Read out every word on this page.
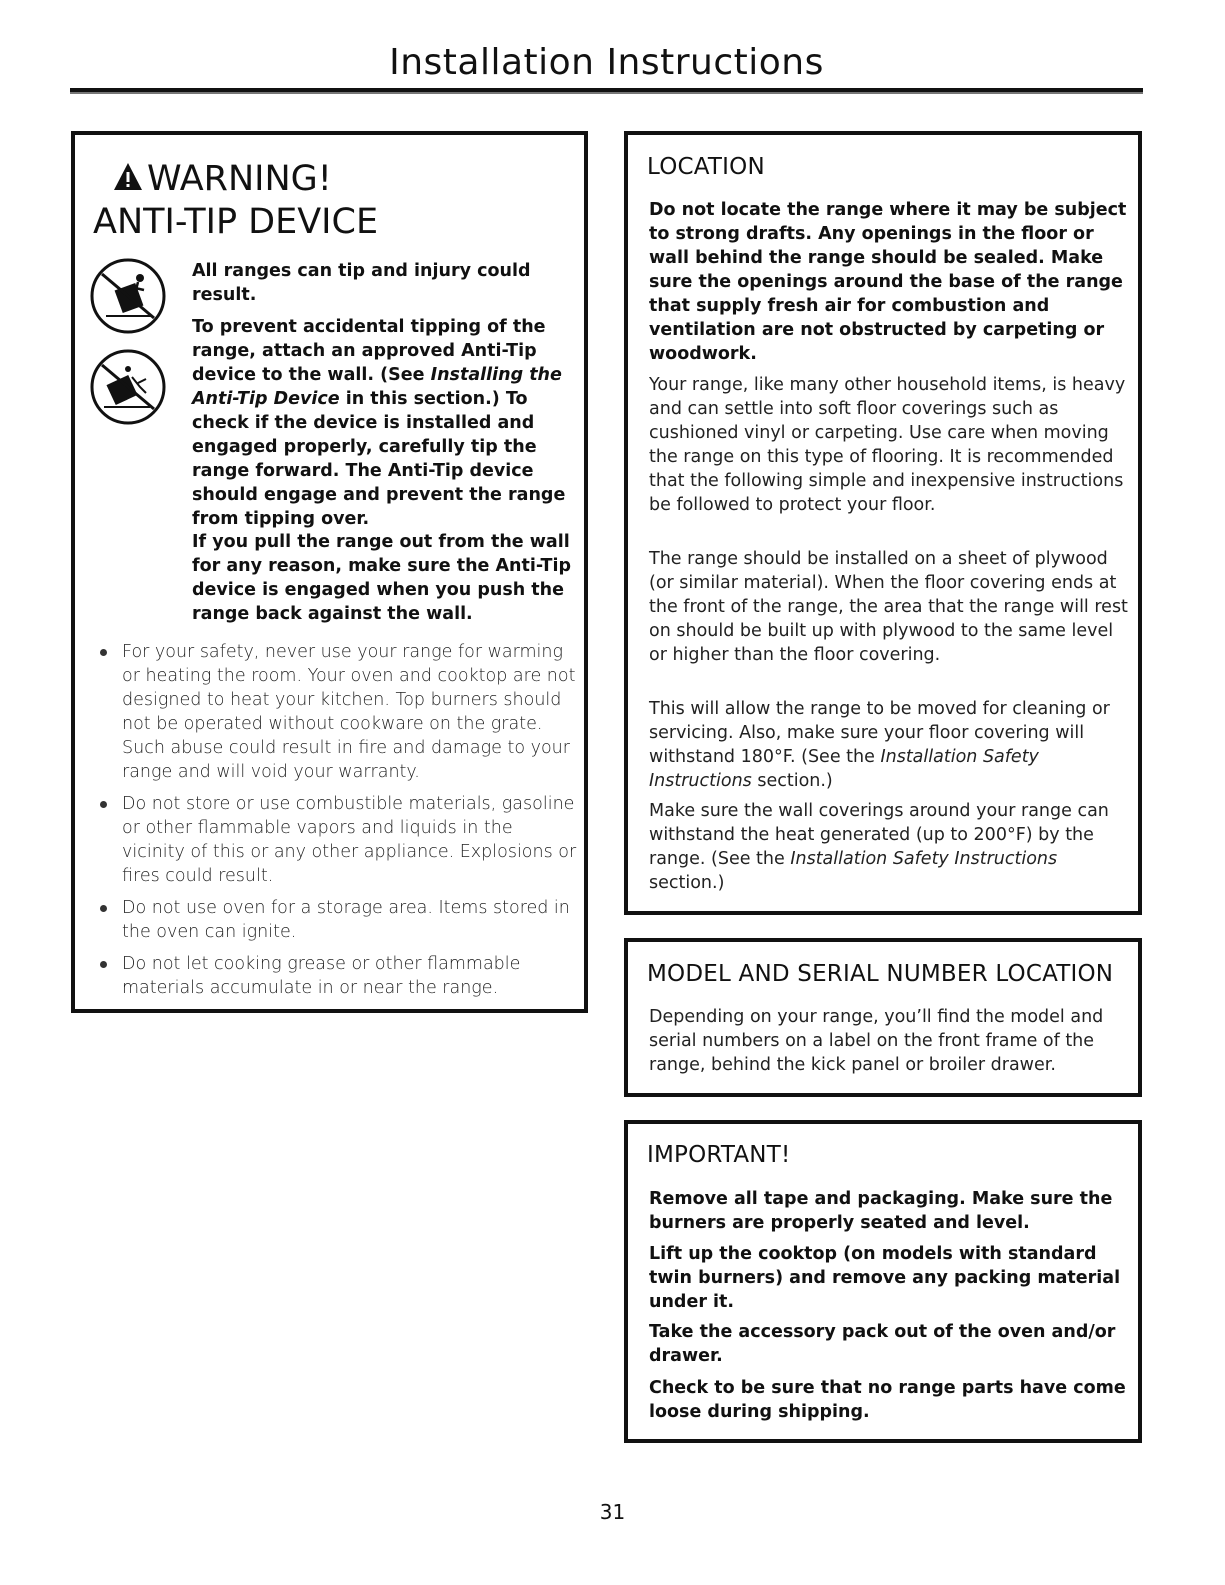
Installation Instructions
WARNING!
ANTI-TIP DEVICE
All ranges can tip and injury could result.
To prevent accidental tipping of the range, attach an approved Anti-Tip device to the wall. (See Installing the Anti-Tip Device in this section.) To check if the device is installed and engaged properly, carefully tip the range forward. The Anti-Tip device should engage and prevent the range from tipping over.
If you pull the range out from the wall for any reason, make sure the Anti-Tip device is engaged when you push the range back against the wall.
For your safety, never use your range for warming or heating the room. Your oven and cooktop are not designed to heat your kitchen. Top burners should not be operated without cookware on the grate. Such abuse could result in fire and damage to your range and will void your warranty.
Do not store or use combustible materials, gasoline or other flammable vapors and liquids in the vicinity of this or any other appliance. Explosions or fires could result.
Do not use oven for a storage area. Items stored in the oven can ignite.
Do not let cooking grease or other flammable materials accumulate in or near the range.
LOCATION
Do not locate the range where it may be subject to strong drafts. Any openings in the floor or wall behind the range should be sealed. Make sure the openings around the base of the range that supply fresh air for combustion and ventilation are not obstructed by carpeting or woodwork.
Your range, like many other household items, is heavy and can settle into soft floor coverings such as cushioned vinyl or carpeting. Use care when moving the range on this type of flooring. It is recommended that the following simple and inexpensive instructions be followed to protect your floor.
The range should be installed on a sheet of plywood (or similar material). When the floor covering ends at the front of the range, the area that the range will rest on should be built up with plywood to the same level or higher than the floor covering.
This will allow the range to be moved for cleaning or servicing. Also, make sure your floor covering will withstand 180°F. (See the Installation Safety Instructions section.)
Make sure the wall coverings around your range can withstand the heat generated (up to 200°F) by the range. (See the Installation Safety Instructions section.)
MODEL AND SERIAL NUMBER LOCATION
Depending on your range, you’ll find the model and serial numbers on a label on the front frame of the range, behind the kick panel or broiler drawer.
IMPORTANT!
Remove all tape and packaging. Make sure the burners are properly seated and level.
Lift up the cooktop (on models with standard twin burners) and remove any packing material under it.
Take the accessory pack out of the oven and/or drawer.
Check to be sure that no range parts have come loose during shipping.
31
